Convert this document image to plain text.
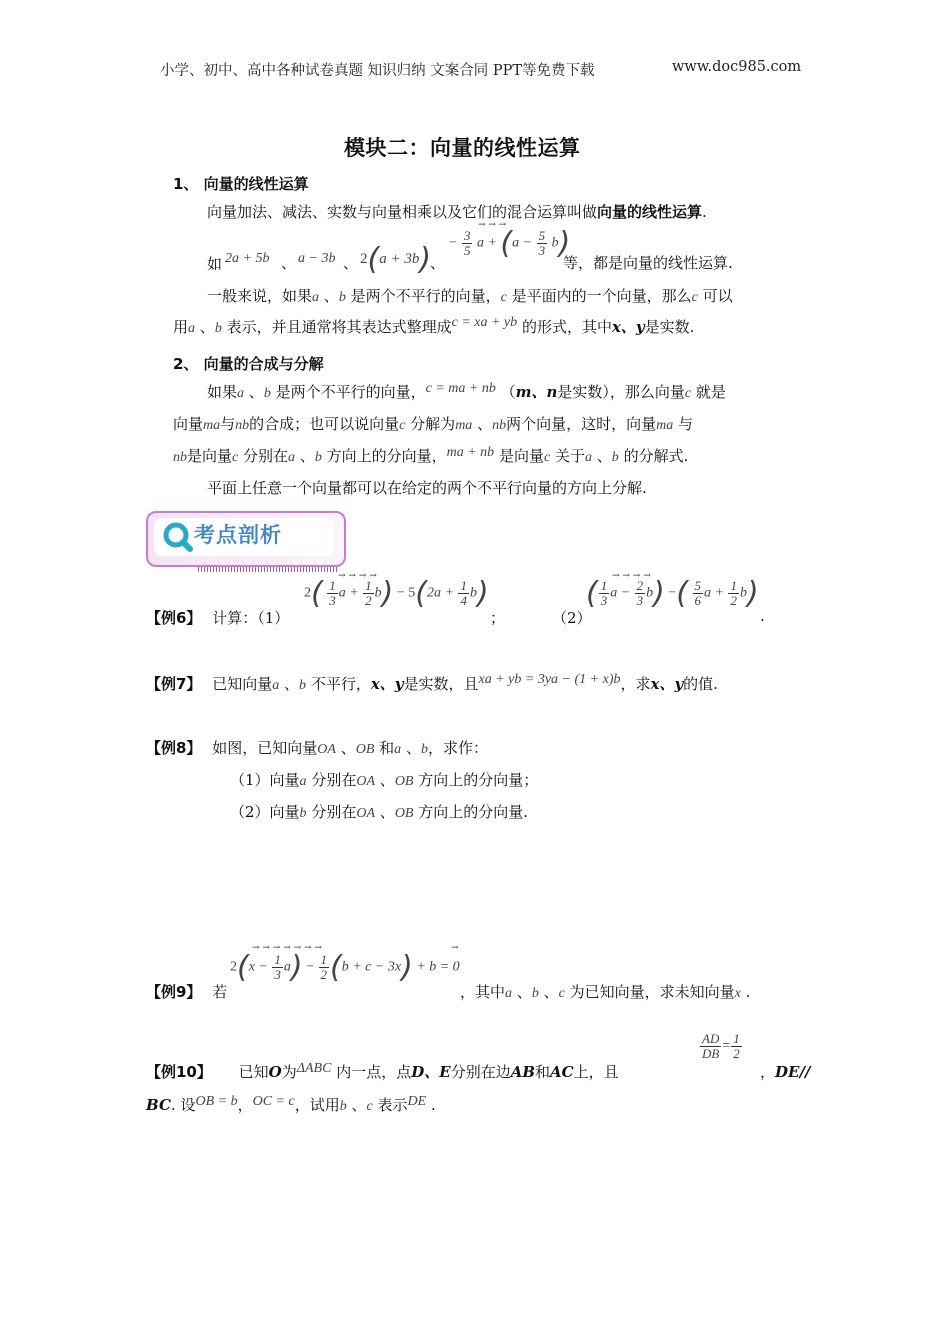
小学、初中、高中各种试卷真题 知识归纳 文案合同 PPT等免费下载	www.doc985.com
模块二：向量的线性运算
1、 向量的线性运算
向量加法、减法、实数与向量相乘以及它们的混合运算叫做向量的线性运算.
如 2a + 5b 、 a − 3b 、 2(a + 3b)
、
→ → →
− $\frac{3}{5}$ $a + (a - \frac{5}{3} b)$
等，都是向量的线性运算.
一般来说，如果a 、b 是两个不平行的向量，c 是平面内的一个向量，那么c 可以
用a 、b 表示，并且通常将其表达式整理成c = xa + yb 的形式，其中x、y是实数.
2、 向量的合成与分解
如果a 、b 是两个不平行的向量，c = ma + nb （m、n是实数），那么向量c 就是
向量ma与nb的合成；也可以说向量c 分解为ma 、nb两个向量，这时，向量ma 与
nb是向量c 分别在a 、b 方向上的分向量，ma + nb 是向量c 关于a 、b 的分解式.
平面上任意一个向量都可以在给定的两个不平行向量的方向上分解.
考点剖析
→ → → →	→ → → →
【例6】 计算：（1）
$2( \frac{1}{3}$ $a + \frac{1}{2} b) - 5(2a + \frac{1}{4} b)$
；	（2）
( $\frac{1}{3}$ $a - \frac{2}{3} b$) −( $\frac{5}{6}$ $a + \frac{1}{2} b$)
.
【例7】 已知向量a 、b 不平行，x、y是实数，且xa + yb = 3ya − (1 + x)b，求x、y的值.
【例8】 如图，已知向量OA 、OB 和a 、b，求作：
（1）向量a 分别在OA 、OB 方向上的分向量；
（2）向量b 分别在OA 、OB 方向上的分向量.
→ → → → → → →	→
$2(x - \frac{1}{3} a) - \frac{1}{2} (b + c - 3x) + b = 0$
【例9】 若	，其中a 、b 、c 为已知向量，求未知向量x .
【例10】 已知O为ΔABC 内一点，点D、E分别在边AB和AC上，且
$\frac{AD}{DB} = \frac{1}{2}$
，DE//
BC. 设OB = b，OC = c，试用b 、c 表示DE .
